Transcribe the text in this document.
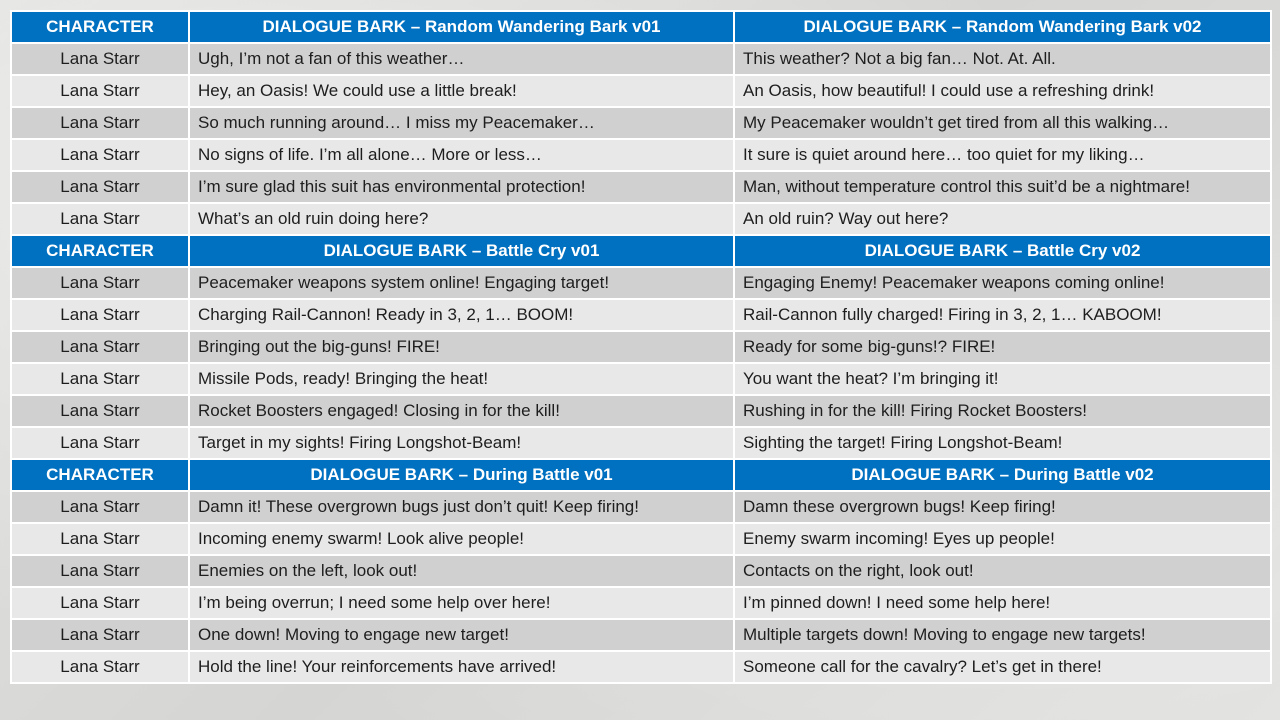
CHARACTER	DIALOGUE BARK – Random Wandering Bark v01	DIALOGUE BARK – Random Wandering Bark v02
Lana Starr	Ugh, I’m not a fan of this weather…	This weather? Not a big fan… Not. At. All.
Lana Starr	Hey, an Oasis! We could use a little break!	An Oasis, how beautiful! I could use a refreshing drink!
Lana Starr	So much running around… I miss my Peacemaker…	My Peacemaker wouldn’t get tired from all this walking…
Lana Starr	No signs of life. I’m all alone… More or less…	It sure is quiet around here… too quiet for my liking…
Lana Starr	I’m sure glad this suit has environmental protection!	Man, without temperature control this suit’d be a nightmare!
Lana Starr	What’s an old ruin doing here?	An old ruin? Way out here?
CHARACTER	DIALOGUE BARK – Battle Cry v01	DIALOGUE BARK – Battle Cry v02
Lana Starr	Peacemaker weapons system online! Engaging target!	Engaging Enemy! Peacemaker weapons coming online!
Lana Starr	Charging Rail-Cannon! Ready in 3, 2, 1… BOOM!	Rail-Cannon fully charged! Firing in 3, 2, 1… KABOOM!
Lana Starr	Bringing out the big-guns! FIRE!	Ready for some big-guns!? FIRE!
Lana Starr	Missile Pods, ready! Bringing the heat!	You want the heat? I’m bringing it!
Lana Starr	Rocket Boosters engaged! Closing in for the kill!	Rushing in for the kill! Firing Rocket Boosters!
Lana Starr	Target in my sights! Firing Longshot-Beam!	Sighting the target! Firing Longshot-Beam!
CHARACTER	DIALOGUE BARK – During Battle v01	DIALOGUE BARK – During Battle v02
Lana Starr	Damn it! These overgrown bugs just don’t quit! Keep firing!	Damn these overgrown bugs! Keep firing!
Lana Starr	Incoming enemy swarm! Look alive people!	Enemy swarm incoming! Eyes up people!
Lana Starr	Enemies on the left, look out!	Contacts on the right, look out!
Lana Starr	I’m being overrun; I need some help over here!	I’m pinned down! I need some help here!
Lana Starr	One down! Moving to engage new target!	Multiple targets down! Moving to engage new targets!
Lana Starr	Hold the line! Your reinforcements have arrived!	Someone call for the cavalry? Let’s get in there!
